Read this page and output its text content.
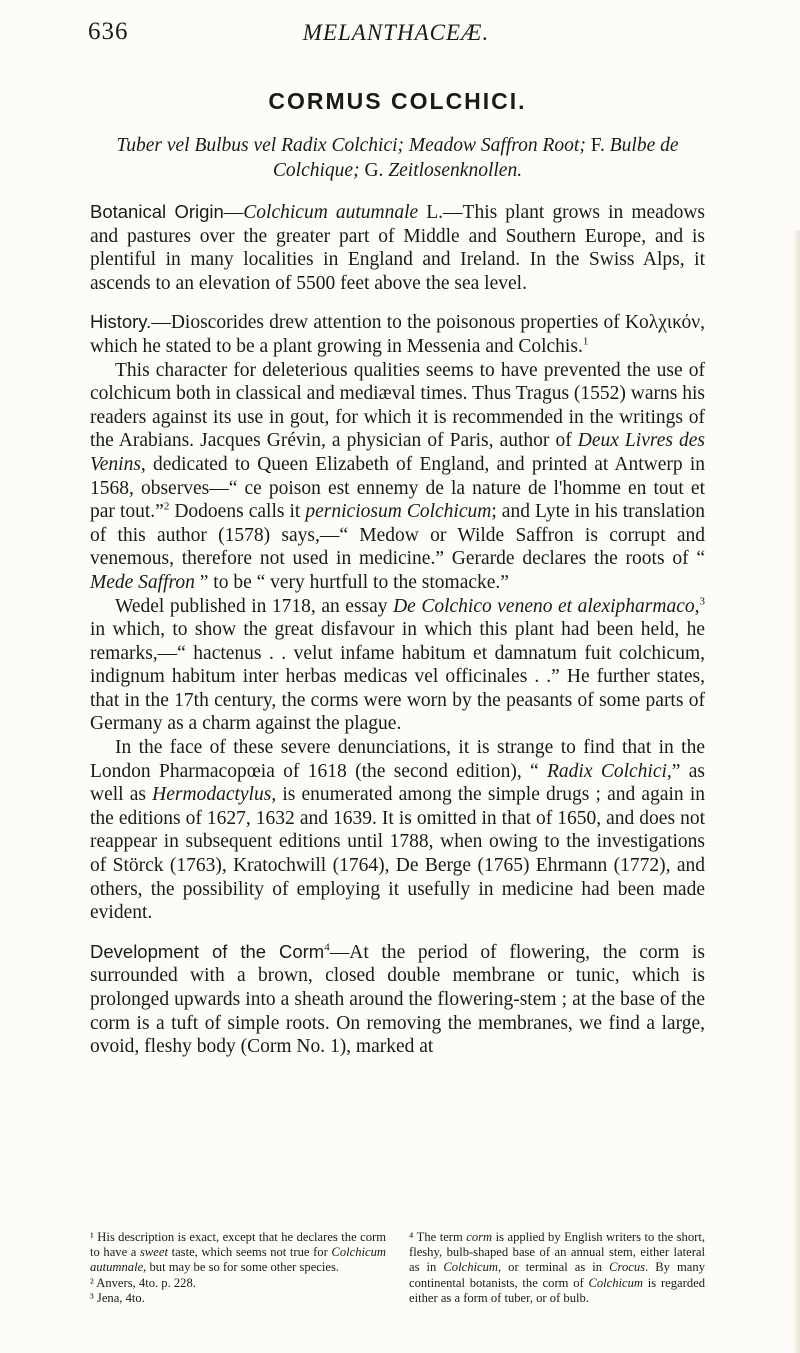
636	MELANTHACEÆ.
CORMUS COLCHICI.
Tuber vel Bulbus vel Radix Colchici; Meadow Saffron Root; F. Bulbe de
Colchique; G. Zeitlosenknollen.

Botanical Origin—Colchicum autumnale L.—This plant grows in meadows and pastures over the greater part of Middle and Southern Europe, and is plentiful in many localities in England and Ireland. In the Swiss Alps, it ascends to an elevation of 5500 feet above the sea level.

History.—Dioscorides drew attention to the poisonous properties of Κολχικόν, which he stated to be a plant growing in Messenia and Colchis.$^1$

This character for deleterious qualities seems to have prevented the use of colchicum both in classical and mediæval times. Thus Tragus (1552) warns his readers against its use in gout, for which it is recommended in the writings of the Arabians. Jacques Grévin, a physician of Paris, author of Deux Livres des Venins, dedicated to Queen Elizabeth of England, and printed at Antwerp in 1568, observes—“ ce poison est ennemy de la nature de l'homme en tout et par tout.”$^2$ Dodoens calls it perniciosum Colchicum; and Lyte in his translation of this author (1578) says,—“ Medow or Wilde Saffron is corrupt and venemous, therefore not used in medicine.” Gerarde declares the roots of “ Mede Saffron ” to be “ very hurtfull to the stomacke.”

Wedel published in 1718, an essay De Colchico veneno et alexipharmaco,$^3$ in which, to show the great disfavour in which this plant had been held, he remarks,—“ hactenus . . velut infame habitum et damnatum fuit colchicum, indignum habitum inter herbas medicas vel officinales . .” He further states, that in the 17th century, the corms were worn by the peasants of some parts of Germany as a charm against the plague.

In the face of these severe denunciations, it is strange to find that in the London Pharmacopœia of 1618 (the second edition), “ Radix Colchici,” as well as Hermodactylus, is enumerated among the simple drugs ; and again in the editions of 1627, 1632 and 1639. It is omitted in that of 1650, and does not reappear in subsequent editions until 1788, when owing to the investigations of Störck (1763), Kratochwill (1764), De Berge (1765) Ehrmann (1772), and others, the possibility of employing it usefully in medicine had been made evident.

Development of the Corm$^4$—At the period of flowering, the corm is surrounded with a brown, closed double membrane or tunic, which is prolonged upwards into a sheath around the flowering-stem ; at the base of the corm is a tuft of simple roots. On removing the membranes, we find a large, ovoid, fleshy body (Corm No. 1), marked at

¹ His description is exact, except that he declares the corm to have a sweet taste, which seems not true for Colchicum autumnale, but may be so for some other species.

² Anvers, 4to. p. 228.

³ Jena, 4to.

⁴ The term corm is applied by English writers to the short, fleshy, bulb-shaped base of an annual stem, either lateral as in Colchicum, or terminal as in Crocus. By many continental botanists, the corm of Colchicum is regarded either as a form of tuber, or of bulb.
